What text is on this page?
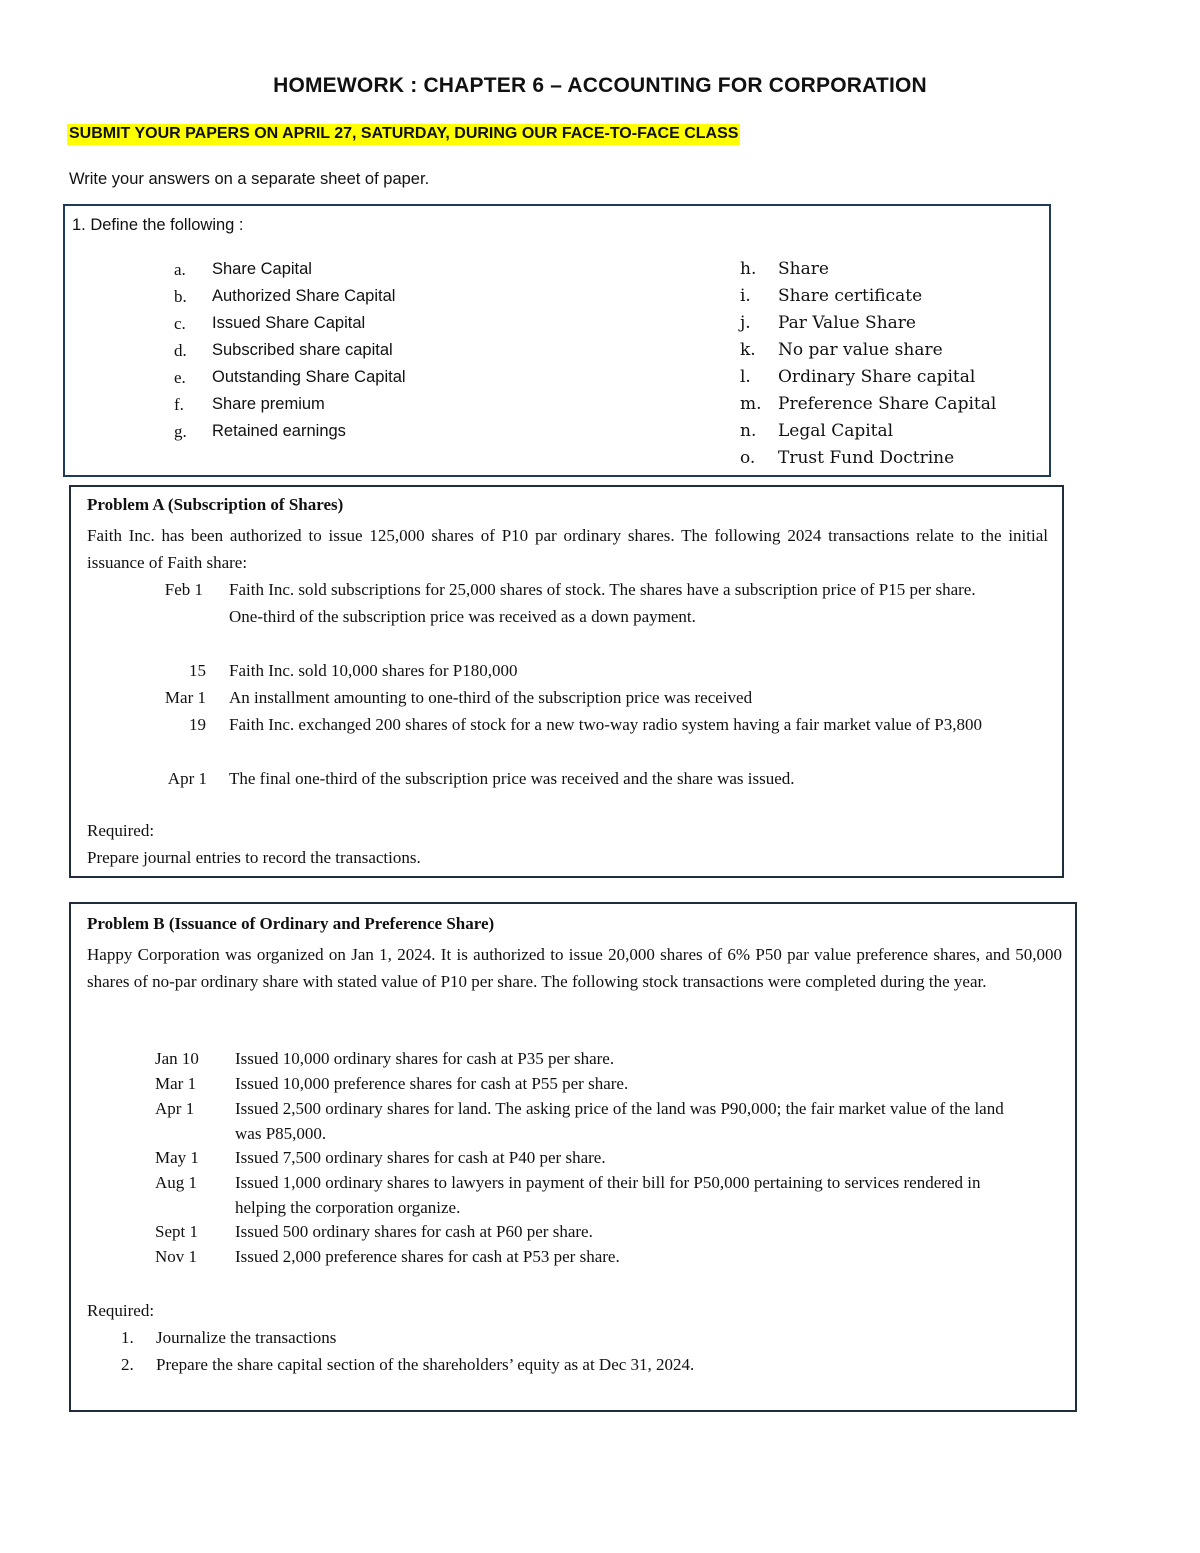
HOMEWORK : CHAPTER 6 – ACCOUNTING FOR CORPORATION
SUBMIT YOUR PAPERS ON APRIL 27, SATURDAY, DURING OUR FACE-TO-FACE CLASS
Write your answers on a separate sheet of paper.
1. Define the following :
a.	Share Capital
b.	Authorized Share Capital
c.	Issued Share Capital
d.	Subscribed share capital
e.	Outstanding Share Capital
f.	Share premium
g.	Retained earnings
h.	Share
i.	Share certificate
j.	Par Value Share
k.	No par value share
l.	Ordinary Share capital
m. Preference Share Capital
n.	Legal Capital
o.	Trust Fund Doctrine
Problem A (Subscription of Shares)
Faith Inc. has been authorized to issue 125,000 shares of P10 par ordinary shares. The following 2024 transactions relate to the initial issuance of Faith share:
Feb 1 Faith Inc. sold subscriptions for 25,000 shares of stock. The shares have a subscription price of P15 per share. One-third of the subscription price was received as a down payment.
15 Faith Inc. sold 10,000 shares for P180,000
Mar 1 An installment amounting to one-third of the subscription price was received
19 Faith Inc. exchanged 200 shares of stock for a new two-way radio system having a fair market value of P3,800
Apr 1 The final one-third of the subscription price was received and the share was issued.
Required:
Prepare journal entries to record the transactions.
Problem B (Issuance of Ordinary and Preference Share)
Happy Corporation was organized on Jan 1, 2024. It is authorized to issue 20,000 shares of 6% P50 par value preference shares, and 50,000 shares of no-par ordinary share with stated value of P10 per share. The following stock transactions were completed during the year.
Jan 10 Issued 10,000 ordinary shares for cash at P35 per share.
Mar 1 Issued 10,000 preference shares for cash at P55 per share.
Apr 1 Issued 2,500 ordinary shares for land. The asking price of the land was P90,000; the fair market value of the land was P85,000.
May 1 Issued 7,500 ordinary shares for cash at P40 per share.
Aug 1 Issued 1,000 ordinary shares to lawyers in payment of their bill for P50,000 pertaining to services rendered in helping the corporation organize.
Sept 1 Issued 500 ordinary shares for cash at P60 per share.
Nov 1 Issued 2,000 preference shares for cash at P53 per share.
Required:
1. Journalize the transactions
2. Prepare the share capital section of the shareholders’ equity as at Dec 31, 2024.
